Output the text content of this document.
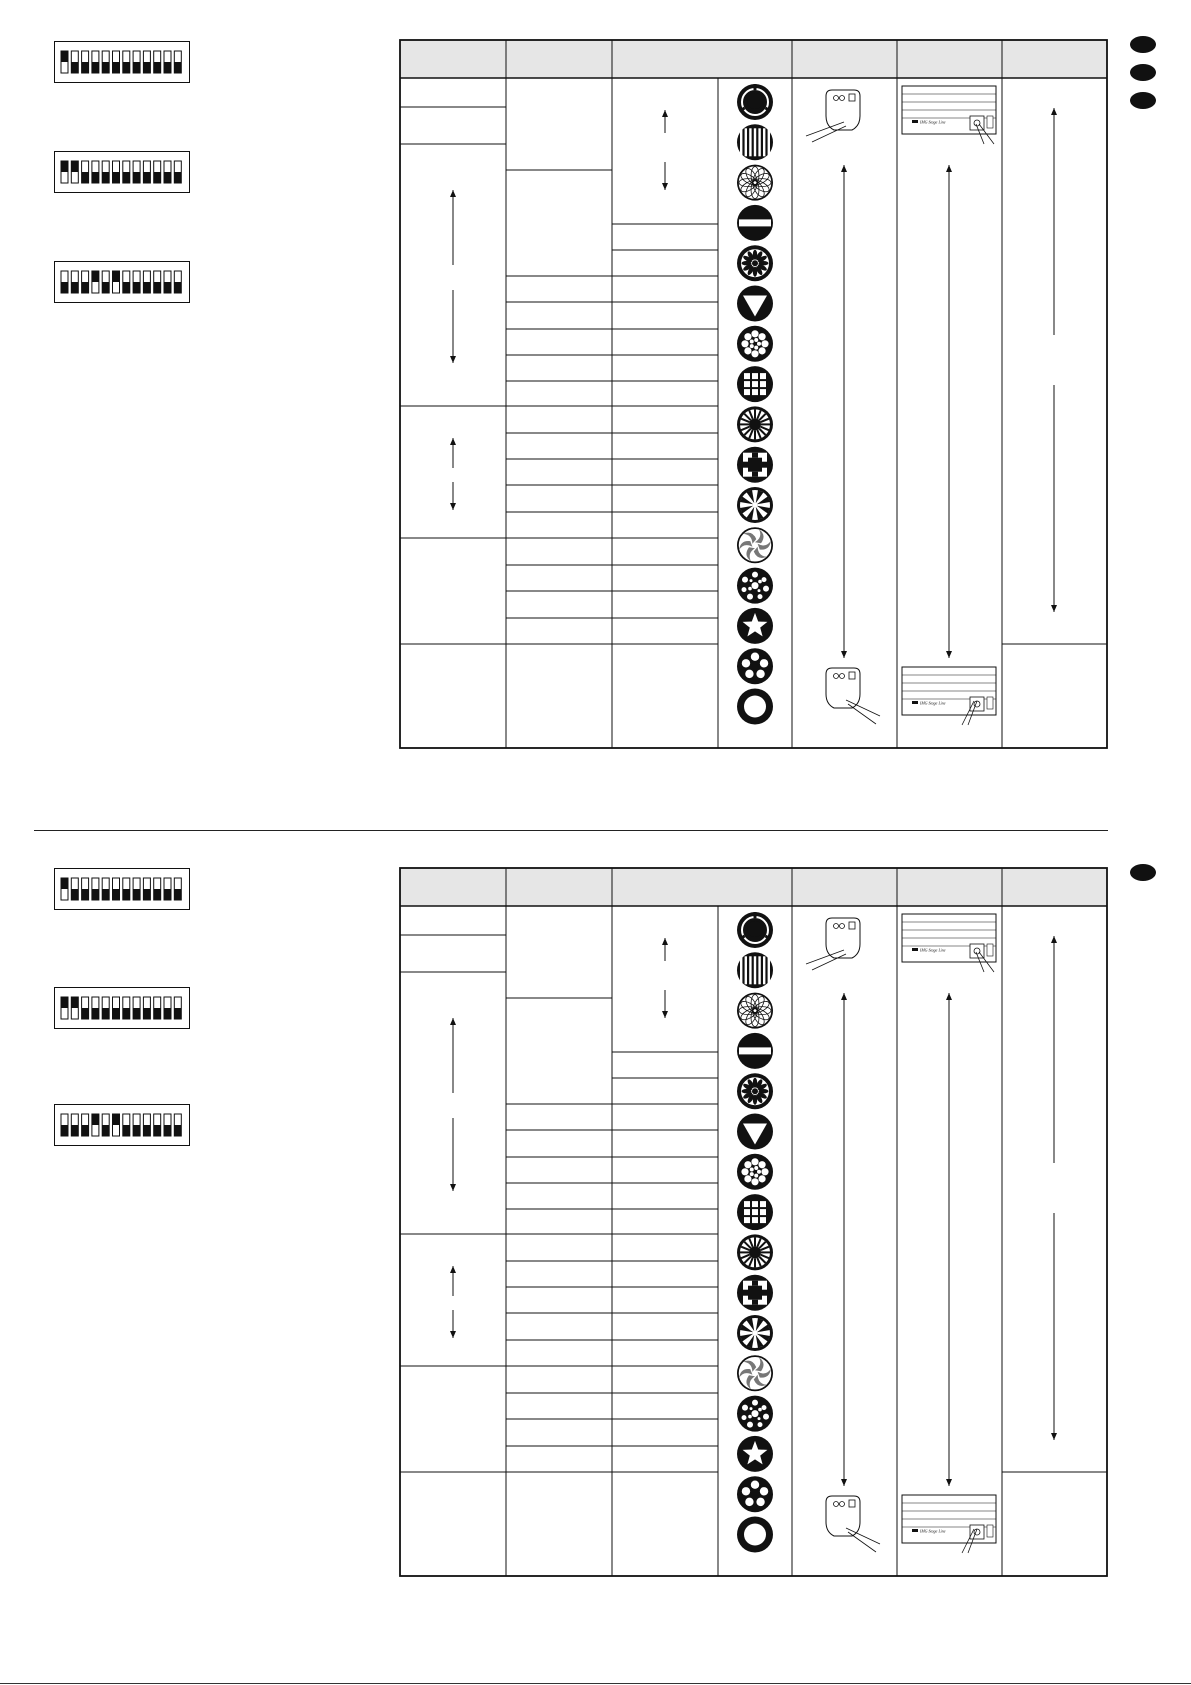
IMG Stage Line
IMG Stage Line
IMG Stage Line
IMG Stage Line
